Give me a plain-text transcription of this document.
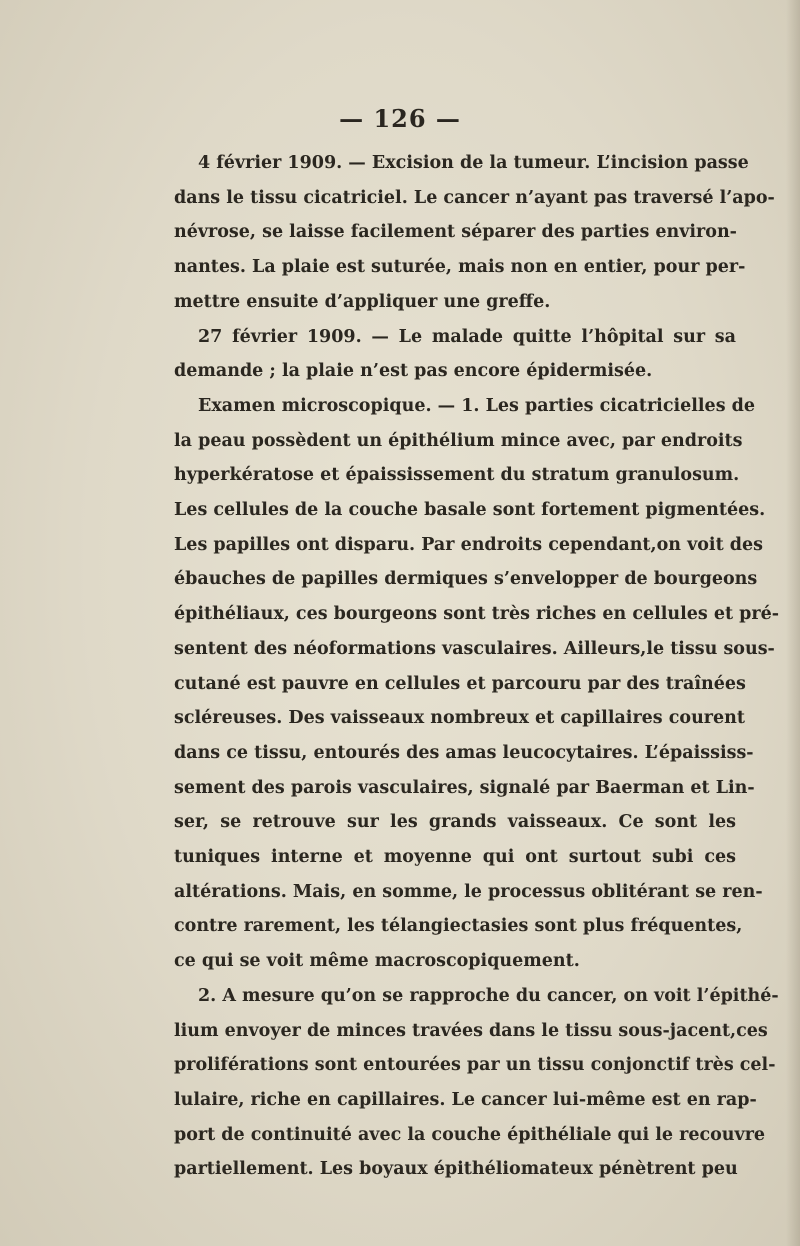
— 126 —
4 février 1909. — Excision de la tumeur. L’incision passe
dans le tissu cicatriciel. Le cancer n’ayant pas traversé l’apo-
névrose, se laisse facilement séparer des parties environ-
nantes. La plaie est suturée, mais non en entier, pour per-
mettre ensuite d’appliquer une greffe.
27 février 1909. — Le malade quitte l’hôpital sur sa
demande ; la plaie n’est pas encore épidermisée.
Examen microscopique. — 1. Les parties cicatricielles de
la peau possèdent un épithélium mince avec, par endroits
hyperkératose et épaississement du stratum granulosum.
Les cellules de la couche basale sont fortement pigmentées.
Les papilles ont disparu. Par endroits cependant,on voit des
ébauches de papilles dermiques s’envelopper de bourgeons
épithéliaux, ces bourgeons sont très riches en cellules et pré-
sentent des néoformations vasculaires. Ailleurs,le tissu sous-
cutané est pauvre en cellules et parcouru par des traînées
scléreuses. Des vaisseaux nombreux et capillaires courent
dans ce tissu, entourés des amas leucocytaires. L’épaississ-
sement des parois vasculaires, signalé par Baerman et Lin-
ser, se retrouve sur les grands vaisseaux. Ce sont les
tuniques interne et moyenne qui ont surtout subi ces
altérations. Mais, en somme, le processus oblitérant se ren-
contre rarement, les télangiectasies sont plus fréquentes,
ce qui se voit même macroscopiquement.
2. A mesure qu’on se rapproche du cancer, on voit l’épithé-
lium envoyer de minces travées dans le tissu sous-jacent,ces
proliférations sont entourées par un tissu conjonctif très cel-
lulaire, riche en capillaires. Le cancer lui-même est en rap-
port de continuité avec la couche épithéliale qui le recouvre
partiellement. Les boyaux épithéliomateux pénètrent peu
